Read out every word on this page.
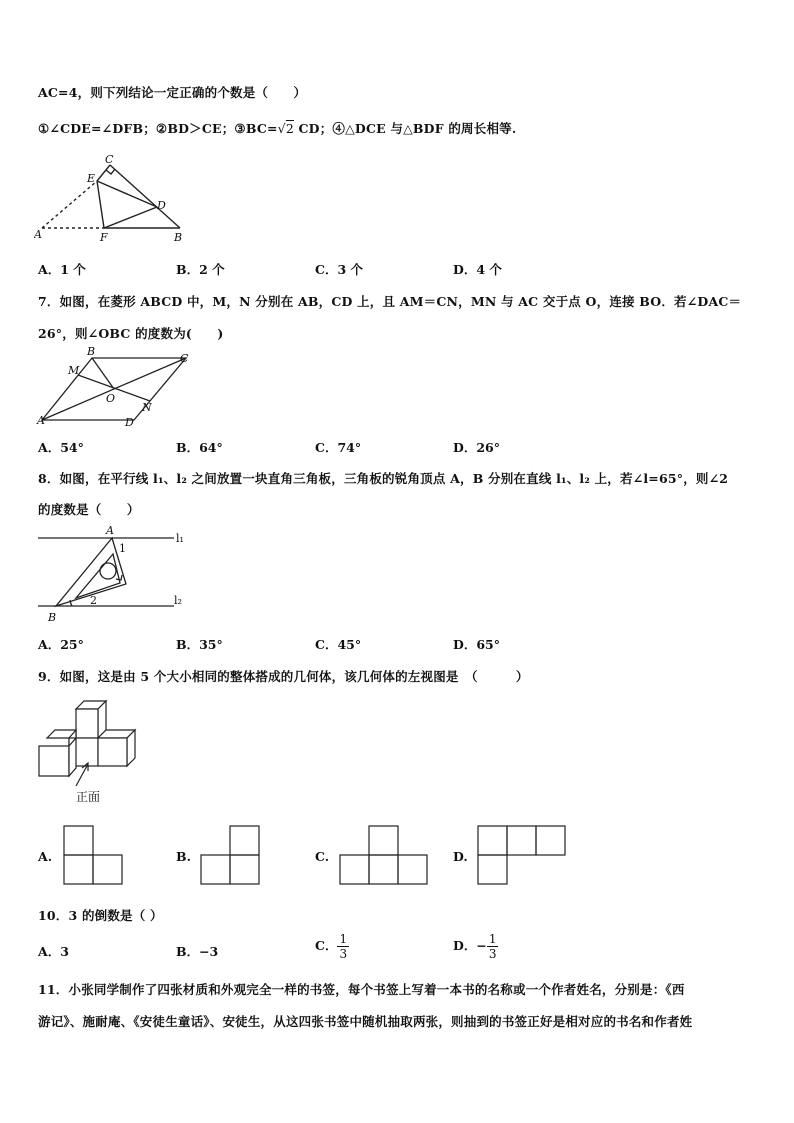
AC=4，则下列结论一定正确的个数是（　　）
①∠CDE=∠DFB；②BD＞CE；③BC=√2 CD；④△DCE 与△BDF 的周长相等.
C
E
D
A	F	B
A．1 个	B．2 个	C．3 个	D．4 个
7．如图，在菱形 ABCD 中，M，N 分别在 AB，CD 上，且 AM＝CN，MN 与 AC 交于点 O，连接 BO．若∠DAC＝
26°，则∠OBC 的度数为(　　)
B
C
M
O
N
A	D
A．54°	B．64°	C．74°	D．26°
8．如图，在平行线 l₁、l₂ 之间放置一块直角三角板，三角板的锐角顶点 A，B 分别在直线 l₁、l₂ 上，若∠l=65°，则∠2
的度数是（　　）
A
1
l₁
2	l₂
B
A．25°	B．35°	C．45°	D．65°
9．如图，这是由 5 个大小相同的整体搭成的几何体，该几何体的左视图是　（　　　）
正面
A.	B.	C.	D.
10．3 的倒数是（ ）
A．3	B．−3	C． $\frac{1}{3}$	D．− $\frac{1}{3}$
11．小张同学制作了四张材质和外观完全一样的书签，每个书签上写着一本书的名称或一个作者姓名，分别是：《西
游记》、施耐庵、《安徒生童话》、安徒生，从这四张书签中随机抽取两张，则抽到的书签正好是相对应的书名和作者姓
